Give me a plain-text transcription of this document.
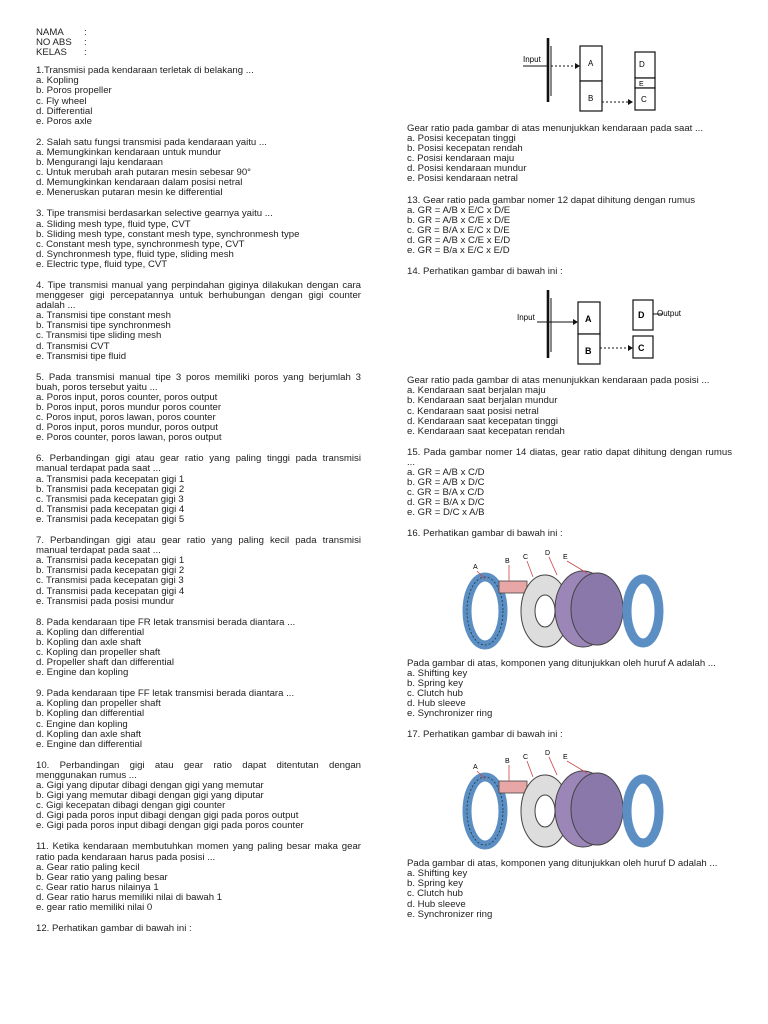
NAMA	:
NO ABS	:
KELAS	:
1.Transmisi pada kendaraan terletak di belakang ...
a. Kopling
b. Poros propeller
c. Fly wheel
d. Differential
e. Poros axle
2. Salah satu fungsi transmisi pada kendaraan yaitu ...
a. Memungkinkan kendaraan untuk mundur
b. Mengurangi laju kendaraan
c. Untuk merubah arah putaran mesin sebesar 90°
d. Memungkinkan kendaraan dalam posisi netral
e. Meneruskan putaran mesin ke differential
3. Tipe transmisi berdasarkan selective gearnya yaitu ...
a. Sliding mesh type, fluid type, CVT
b. Sliding mesh type, constant mesh type, synchronmesh type
c. Constant mesh type, synchronmesh type, CVT
d. Synchronmesh type, fluid type, sliding mesh
e. Electric type, fluid type, CVT
4. Tipe transmisi manual yang perpindahan giginya dilakukan dengan cara menggeser gigi percepatannya untuk berhubungan dengan gigi counter adalah ...
a. Transmisi tipe constant mesh
b. Transmisi tipe synchronmesh
c. Transmisi tipe sliding mesh
d. Transmisi CVT
e. Transmisi tipe fluid
5. Pada transmisi manual tipe 3 poros memiliki poros yang berjumlah 3 buah, poros tersebut yaitu ...
a. Poros input, poros counter, poros output
b. Poros input, poros mundur poros counter
c. Poros input, poros lawan, poros counter
d. Poros input, poros mundur, poros output
e. Poros counter, poros lawan, poros output
6. Perbandingan gigi atau gear ratio yang paling tinggi pada transmisi manual terdapat pada saat ...
a. Transmisi pada kecepatan gigi 1
b. Transmisi pada kecepatan gigi 2
c. Transmisi pada kecepatan gigi 3
d. Transmisi pada kecepatan gigi 4
e. Transmisi pada kecepatan gigi 5
7. Perbandingan gigi atau gear ratio yang paling kecil pada transmisi manual terdapat pada saat ...
a. Transmisi pada kecepatan gigi 1
b. Transmisi pada kecepatan gigi 2
c. Transmisi pada kecepatan gigi 3
d. Transmisi pada kecepatan gigi 4
e. Transmisi pada posisi mundur
8. Pada kendaraan tipe FR letak transmisi berada diantara ...
a. Kopling dan differential
b. Kopling dan axle shaft
c. Kopling dan propeller shaft
d. Propeller shaft dan differential
e. Engine dan kopling
9. Pada kendaraan tipe FF letak transmisi berada diantara ...
a. Kopling dan propeller shaft
b. Kopling dan differential
c. Engine dan kopling
d. Kopling dan axle shaft
e. Engine dan differential
10. Perbandingan gigi atau gear ratio dapat ditentutan dengan menggunakan rumus ...
a. Gigi yang diputar dibagi dengan gigi yang memutar
b. Gigi yang memutar dibagi dengan gigi yang diputar
c. Gigi kecepatan dibagi dengan gigi counter
d. Gigi pada poros input dibagi dengan gigi pada poros output
e. Gigi pada poros input dibagi dengan gigi pada poros counter
11. Ketika kendaraan membutuhkan momen yang paling besar maka gear ratio pada kendaraan harus pada posisi ...
a. Gear ratio paling kecil
b. Gear ratio yang paling besar
c. Gear ratio harus nilainya 1
d. Gear ratio harus memiliki nilai di bawah 1
e. gear ratio memiliki nilai 0
12. Perhatikan gambar di bawah ini :
Input	A
B
D
E
C
Gear ratio pada gambar di atas menunjukkan kendaraan pada saat ...
a. Posisi kecepatan tinggi
b. Posisi kecepatan rendah
c. Posisi kendaraan maju
d. Posisi kendaraan mundur
e. Posisi kendaraan netral
13. Gear ratio pada gambar nomer 12 dapat dihitung dengan rumus
a. GR = A/B x E/C x D/E
b. GR = A/B x C/E x D/E
c. GR = B/A x E/C x D/E
d. GR = A/B x C/E x E/D
e. GR = B/a x E/C x E/D
14. Perhatikan gambar di bawah ini :
Input	A
B
D
C
Output
Gear ratio pada gambar di atas menunjukkan kendaraan pada posisi ...
a. Kendaraan saat berjalan maju
b. Kendaraan saat berjalan mundur
c. Kendaraan saat posisi netral
d. Kendaraan saat kecepatan tinggi
e. Kendaraan saat kecepatan rendah
15. Pada gambar nomer 14 diatas, gear ratio dapat dihitung dengan rumus ...
a. GR = A/B x C/D
b. GR = A/B x D/C
c. GR = B/A x C/D
d. GR = B/A x D/C
e. GR = D/C x A/B
16. Perhatikan gambar di bawah ini :
A
B
C
D
E
Pada gambar di atas, komponen yang ditunjukkan oleh huruf A adalah ...
a. Shifting key
b. Spring key
c. Clutch hub
d. Hub sleeve
e. Synchronizer ring
17. Perhatikan gambar di bawah ini :
A
B
C
D
E
Pada gambar di atas, komponen yang ditunjukkan oleh huruf D adalah ...
a. Shifting key
b. Spring key
c. Clutch hub
d. Hub sleeve
e. Synchronizer ring
